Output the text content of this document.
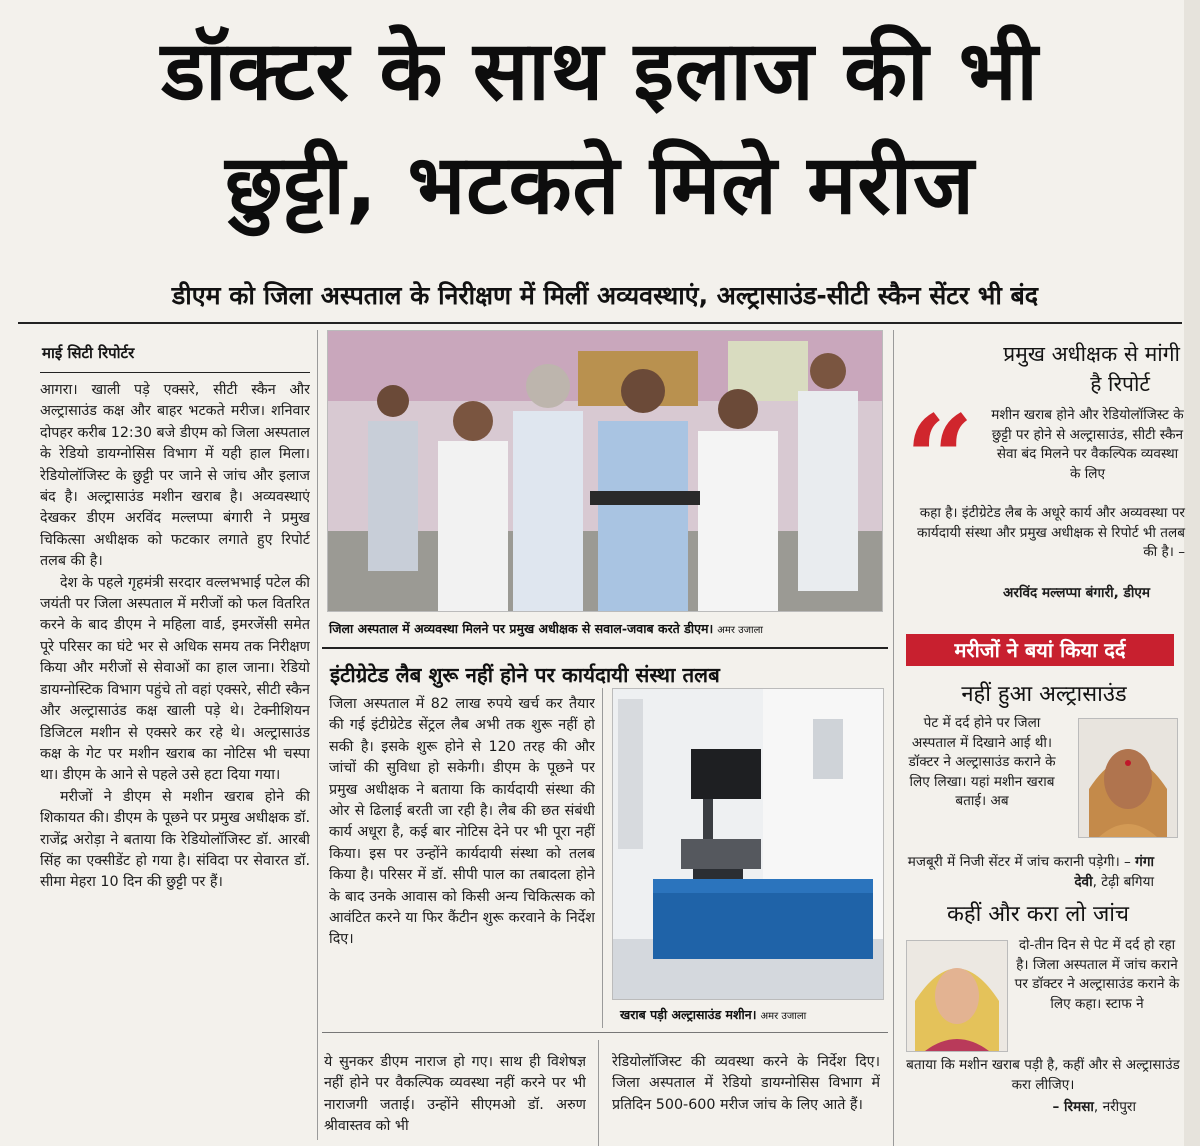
डॉक्टर के साथ इलाज की भी
छुट्टी, भटकते मिले मरीज
डीएम को जिला अस्पताल के निरीक्षण में मिलीं अव्यवस्थाएं, अल्ट्रासाउंड-सीटी स्कैन सेंटर भी बंद
माई सिटी रिपोर्टर

आगरा। खाली पड़े एक्सरे, सीटी स्कैन और अल्ट्रासाउंड कक्ष और बाहर भटकते मरीज। शनिवार दोपहर करीब 12:30 बजे डीएम को जिला अस्पताल के रेडियो डायग्नोसिस विभाग में यही हाल मिला। रेडियोलॉजिस्ट के छुट्टी पर जाने से जांच और इलाज बंद है। अल्ट्रासाउंड मशीन खराब है। अव्यवस्थाएं देखकर डीएम अरविंद मल्लप्पा बंगारी ने प्रमुख चिकित्सा अधीक्षक को फटकार लगाते हुए रिपोर्ट तलब की है।

देश के पहले गृहमंत्री सरदार वल्लभभाई पटेल की जयंती पर जिला अस्पताल में मरीजों को फल वितरित करने के बाद डीएम ने महिला वार्ड, इमरजेंसी समेत पूरे परिसर का घंटे भर से अधिक समय तक निरीक्षण किया और मरीजों से सेवाओं का हाल जाना। रेडियो डायग्नोस्टिक विभाग पहुंचे तो वहां एक्सरे, सीटी स्कैन और अल्ट्रासाउंड कक्ष खाली पड़े थे। टेक्नीशियन डिजिटल मशीन से एक्सरे कर रहे थे। अल्ट्रासाउंड कक्ष के गेट पर मशीन खराब का नोटिस भी चस्पा था। डीएम के आने से पहले उसे हटा दिया गया।

मरीजों ने डीएम से मशीन खराब होने की शिकायत की। डीएम के पूछने पर प्रमुख अधीक्षक डॉ. राजेंद्र अरोड़ा ने बताया कि रेडियोलॉजिस्ट डॉ. आरबी सिंह का एक्सीडेंट हो गया है। संविदा पर सेवारत डॉ. सीमा मेहरा 10 दिन की छुट्टी पर हैं।

जिला अस्पताल में अव्यवस्था मिलने पर प्रमुख अधीक्षक से सवाल-जवाब करते डीएम। अमर उजाला
इंटीग्रेटेड लैब शुरू नहीं होने पर कार्यदायी संस्था तलब

जिला अस्पताल में 82 लाख रुपये खर्च कर तैयार की गई इंटीग्रेटेड सेंट्रल लैब अभी तक शुरू नहीं हो सकी है। इसके शुरू होने से 120 तरह की और जांचों की सुविधा हो सकेगी। डीएम के पूछने पर प्रमुख अधीक्षक ने बताया कि कार्यदायी संस्था की ओर से ढिलाई बरती जा रही है। लैब की छत संबंधी कार्य अधूरा है, कई बार नोटिस देने पर भी पूरा नहीं किया। इस पर उन्होंने कार्यदायी संस्था को तलब किया है। परिसर में डॉ. सीपी पाल का तबादला होने के बाद उनके आवास को किसी अन्य चिकित्सक को आवंटित करने या फिर कैंटीन शुरू करवाने के निर्देश दिए।

खराब पड़ी अल्ट्रासाउंड मशीन। अमर उजाला

ये सुनकर डीएम नाराज हो गए। साथ ही विशेषज्ञ नहीं होने पर वैकल्पिक व्यवस्था नहीं करने पर भी नाराजगी जताई। उन्होंने सीएमओ डॉ. अरुण श्रीवास्तव को भी

रेडियोलॉजिस्ट की व्यवस्था करने के निर्देश दिए। जिला अस्पताल में रेडियो डायग्नोसिस विभाग में प्रतिदिन 500-600 मरीज जांच के लिए आते हैं।

प्रमुख अधीक्षक से मांगी
है रिपोर्ट
“ मशीन खराब होने और रेडियोलॉजिस्ट के छुट्टी पर होने से अल्ट्रासाउंड, सीटी स्कैन सेवा बंद मिलने पर वैकल्पिक व्यवस्था के लिए
कहा है। इंटीग्रेटेड लैब के अधूरे कार्य और अव्यवस्था पर कार्यदायी संस्था और प्रमुख अधीक्षक से रिपोर्ट भी तलब की है। –
अरविंद मल्लप्पा बंगारी, डीएम
मरीजों ने बयां किया दर्द
नहीं हुआ अल्ट्रासाउंड
पेट में दर्द होने पर जिला अस्पताल में दिखाने आई थी। डॉक्टर ने अल्ट्रासाउंड कराने के लिए लिखा। यहां मशीन खराब बताई। अब
मजबूरी में निजी सेंटर में जांच करानी पड़ेगी। – गंगा देवी, टेढ़ी बगिया
कहीं और करा लो जांच
दो-तीन दिन से पेट में दर्द हो रहा है। जिला अस्पताल में जांच कराने पर डॉक्टर ने अल्ट्रासाउंड कराने के लिए कहा। स्टाफ ने
बताया कि मशीन खराब पड़ी है, कहीं और से अल्ट्रासाउंड करा लीजिए।
– रिमसा, नरीपुरा
